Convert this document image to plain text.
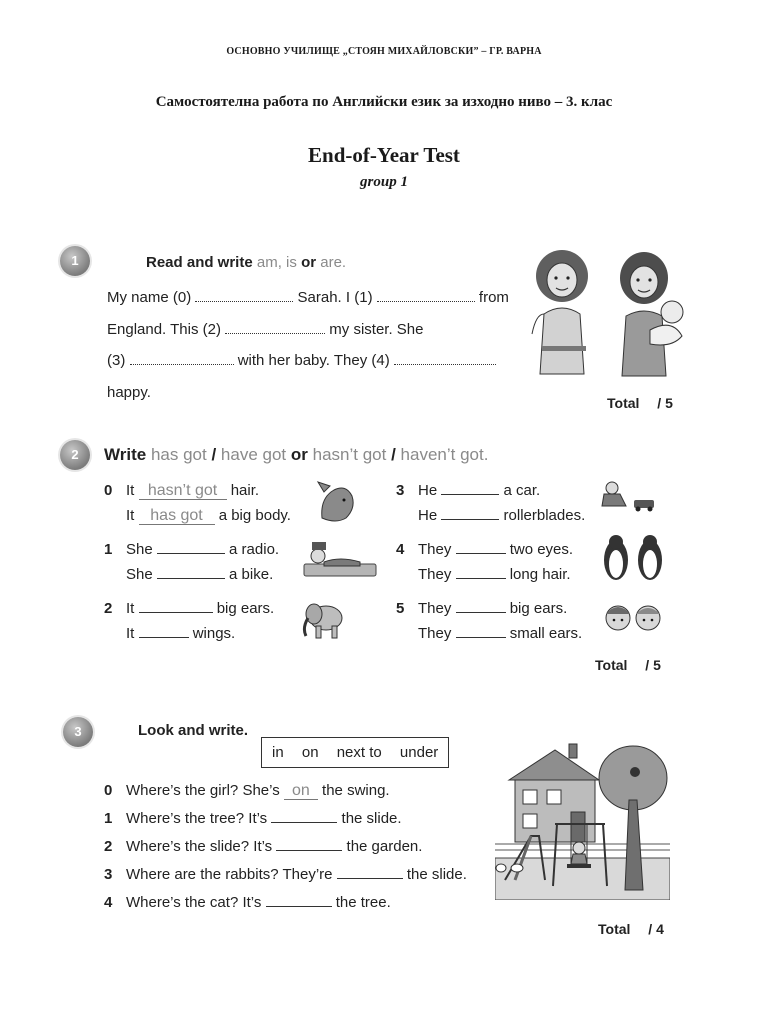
ОСНОВНО УЧИЛИЩЕ „СТОЯН МИХАЙЛОВСКИ” – ГР. ВАРНА
Самостоятелна работа по Английски език за изходно ниво – 3. клас
End-of-Year Test
group 1
1	Read and write am, is or are.
My name (0)	Sarah. I (1)	from
England. This (2)	my sister. She
(3)	with her baby. They (4)
happy.
Total / 5
2	Write has got / have got or hasn’t got / haven’t got.
0 It hasn’t got hair.
It has got a big body.
1 She	a radio.
She	a bike.
2 It	big ears.
It	wings.
3 He	a car.
He	rollerblades.
4 They	two eyes.
They	long hair.
5 They	big ears.
They	small ears.
Total / 5
3	Look and write.
in on next to under
0 Where’s the girl? She’s on the swing.
1 Where’s the tree? It’s	the slide.
2 Where’s the slide? It’s	the garden.
3 Where are the rabbits? They’re	the slide.
4 Where’s the cat? It’s	the tree.
Total / 4
